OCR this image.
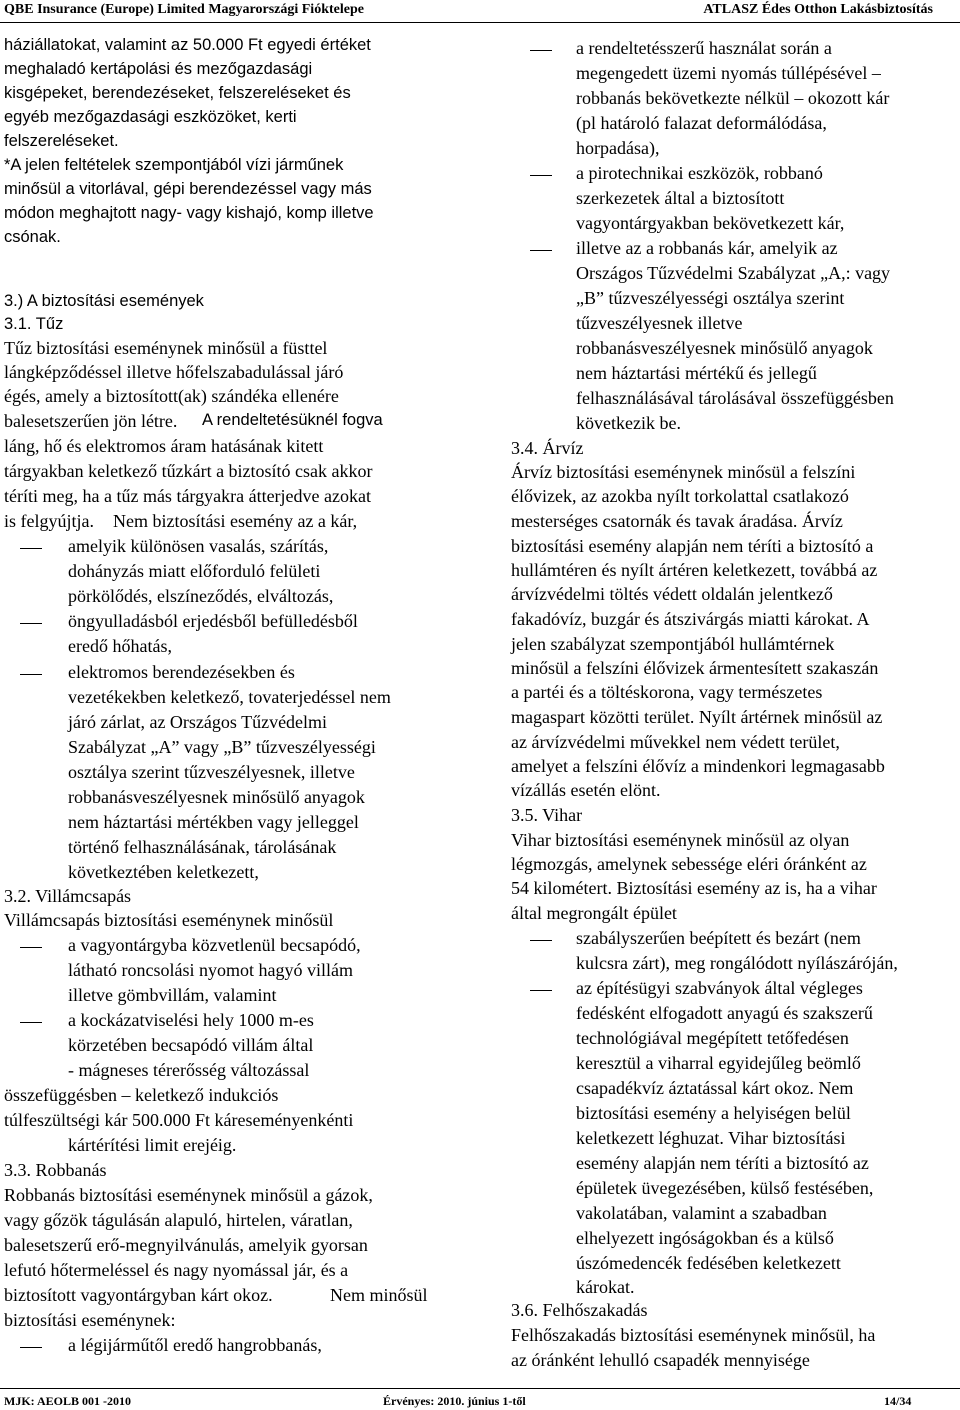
QBE Insurance (Europe) Limited Magyarországi Fióktelepe	ATLASZ Édes Otthon Lakásbiztosítás
háziállatokat, valamint az 50.000 Ft egyedi értéket
meghaladó kertápolási és mezőgazdasági
kisgépeket, berendezéseket, felszereléseket és
egyéb mezőgazdasági eszközöket, kerti
felszereléseket.
*A jelen feltételek szempontjából vízi járműnek
minősül a vitorlával, gépi berendezéssel vagy más
módon meghajtott nagy- vagy kishajó, komp illetve
csónak.
3.) A biztosítási események
3.1. Tűz
Tűz biztosítási eseménynek minősül a füsttel
lángképződéssel illetve hőfelszabadulással járó
égés, amely a biztosított(ak) szándéka ellenére
balesetszerűen jön létre. A rendeltetésüknél fogva
láng, hő és elektromos áram hatásának kitett
tárgyakban keletkező tűzkárt a biztosító csak akkor
téríti meg, ha a tűz más tárgyakra átterjedve azokat
is felgyújtja. Nem biztosítási esemény az a kár,
amelyik különösen vasalás, szárítás,
dohányzás miatt előforduló felületi
pörkölődés, elszíneződés, elváltozás,
öngyulladásból erjedésből befülledésből
eredő hőhatás,
elektromos berendezésekben és
vezetékekben keletkező, tovaterjedéssel nem
járó zárlat, az Országos Tűzvédelmi
Szabályzat „A” vagy „B” tűzveszélyességi
osztálya szerint tűzveszélyesnek, illetve
robbanásveszélyesnek minősülő anyagok
nem háztartási mértékben vagy jelleggel
történő felhasználásának, tárolásának
következtében keletkezett,
3.2. Villámcsapás
Villámcsapás biztosítási eseménynek minősül
a vagyontárgyba közvetlenül becsapódó,
látható roncsolási nyomot hagyó villám
illetve gömbvillám, valamint
a kockázatviselési hely 1000 m-es
körzetében becsapódó villám által
- mágneses térerősség változással
összefüggésben – keletkező indukciós
túlfeszültségi kár 500.000 Ft káreseményenkénti
kártérítési limit erejéig.
3.3. Robbanás
Robbanás biztosítási eseménynek minősül a gázok,
vagy gőzök tágulásán alapuló, hirtelen, váratlan,
balesetszerű erő-megnyilvánulás, amelyik gyorsan
lefutó hőtermeléssel és nagy nyomással jár, és a
biztosított vagyontárgyban kárt okoz.	Nem minősül
biztosítási eseménynek:
a légijárműtől eredő hangrobbanás,
a rendeltetésszerű használat során a
megengedett üzemi nyomás túllépésével –
robbanás bekövetkezte nélkül – okozott kár
(pl határoló falazat deformálódása,
horpadása),
a pirotechnikai eszközök, robbanó
szerkezetek által a biztosított
vagyontárgyakban bekövetkezett kár,
illetve az a robbanás kár, amelyik az
Országos Tűzvédelmi Szabályzat „A,: vagy
„B” tűzveszélyességi osztálya szerint
tűzveszélyesnek illetve
robbanásveszélyesnek minősülő anyagok
nem háztartási mértékű és jellegű
felhasználásával tárolásával összefüggésben
következik be.
3.4. Árvíz
Árvíz biztosítási eseménynek minősül a felszíni
élővizek, az azokba nyílt torkolattal csatlakozó
mesterséges csatornák és tavak áradása. Árvíz
biztosítási esemény alapján nem téríti a biztosító a
hullámtéren és nyílt ártéren keletkezett, továbbá az
árvízvédelmi töltés védett oldalán jelentkező
fakadóvíz, buzgár és átszivárgás miatti károkat. A
jelen szabályzat szempontjából hullámtérnek
minősül a felszíni élővizek ármentesített szakaszán
a partéi és a töltéskorona, vagy természetes
magaspart közötti terület. Nyílt ártérnek minősül az
az árvízvédelmi művekkel nem védett terület,
amelyet a felszíni élővíz a mindenkori legmagasabb
vízállás esetén elönt.
3.5. Vihar
Vihar biztosítási eseménynek minősül az olyan
légmozgás, amelynek sebessége eléri óránként az
54 kilométert. Biztosítási esemény az is, ha a vihar
által megrongált épület
szabályszerűen beépített és bezárt (nem
kulcsra zárt), meg rongálódott nyílászáróján,
az építésügyi szabványok által végleges
fedésként elfogadott anyagú és szakszerű
technológiával megépített tetőfedésen
keresztül a viharral egyidejűleg beömlő
csapadékvíz áztatással kárt okoz. Nem
biztosítási esemény a helyiségen belül
keletkezett léghuzat. Vihar biztosítási
esemény alapján nem téríti a biztosító az
épületek üvegezésében, külső festésében,
vakolatában, valamint a szabadban
elhelyezett ingóságokban és a külső
úszómedencék fedésében keletkezett
károkat.
3.6. Felhőszakadás
Felhőszakadás biztosítási eseménynek minősül, ha
az óránként lehulló csapadék mennyisége
MJK: AEOLB 001 -2010	Érvényes: 2010. június 1-től	14/34
